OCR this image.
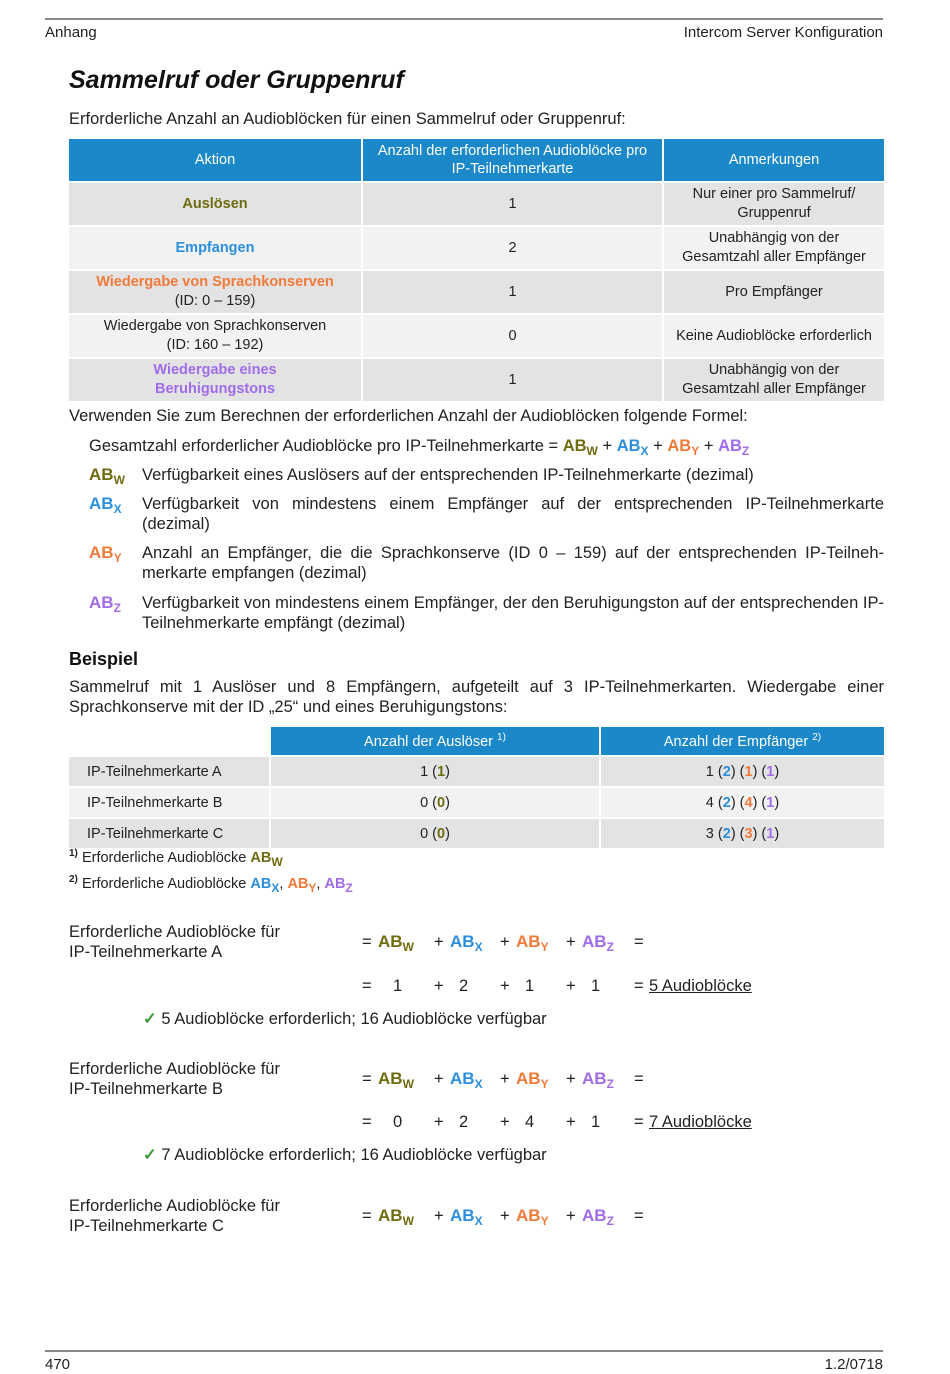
Anhang	Intercom Server Konfiguration
Sammelruf oder Gruppenruf
Erforderliche Anzahl an Audioblöcken für einen Sammelruf oder Gruppenruf:
Aktion	Anzahl der erforderlichen Audioblöcke pro IP-Teilnehmerkarte	Anmerkungen
Auslösen	1	Nur einer pro Sammelruf/ Gruppenruf
Empfangen	2	Unabhängig von der Gesamtzahl aller Empfänger
Wiedergabe von Sprachkonserven
(ID: 0 – 159)	1	Pro Empfänger
Wiedergabe von Sprachkonserven
(ID: 160 – 192)	0	Keine Audioblöcke erforderlich
Wiedergabe eines Beruhigungstons	1	Unabhängig von der Gesamtzahl aller Empfänger
Verwenden Sie zum Berechnen der erforderlichen Anzahl der Audioblöcken folgende Formel:
Gesamtzahl erforderlicher Audioblöcke pro IP-Teilnehmerkarte = $AB_W + AB_X + AB_Y + AB_Z$
$AB_W$ Verfügbarkeit eines Auslösers auf der entsprechenden IP-Teilnehmerkarte (dezimal)
$AB_X$ Verfügbarkeit von mindestens einem Empfänger auf der entsprechenden IP-Teilnehmerkarte (dezimal)
$AB_Y$ Anzahl an Empfänger, die die Sprachkonserve (ID 0 – 159) auf der entsprechenden IP-Teilneh-merkarte empfangen (dezimal)
$AB_Z$ Verfügbarkeit von mindestens einem Empfänger, der den Beruhigungston auf der entsprechenden IP-Teilnehmerkarte empfängt (dezimal)
Beispiel
Sammelruf mit 1 Auslöser und 8 Empfängern, aufgeteilt auf 3 IP-Teilnehmerkarten. Wiedergabe einer Sprachkonserve mit der ID „25“ und eines Beruhigungstons:
	Anzahl der Auslöser $^{1)}$	Anzahl der Empfänger $^{2)}$
IP-Teilnehmerkarte A	1 (1)	1 (2) (1) (1)
IP-Teilnehmerkarte B	0 (0)	4 (2) (4) (1)
IP-Teilnehmerkarte C	0 (0)	3 (2) (3) (1)
$^{1)}$ Erforderliche Audioblöcke $AB_W$
$^{2)}$ Erforderliche Audioblöcke $AB_X$, $AB_Y$, $AB_Z$
Erforderliche Audioblöcke für
IP-Teilnehmerkarte A
= $AB_W + AB_X + AB_Y + AB_Z$ =
= 1 + 2 + 1 + 1 = 5 Audioblöcke
✓ 5 Audioblöcke erforderlich; 16 Audioblöcke verfügbar
Erforderliche Audioblöcke für
IP-Teilnehmerkarte B
= $AB_W + AB_X + AB_Y + AB_Z$ =
= 0 + 2 + 4 + 1 = 7 Audioblöcke
✓ 7 Audioblöcke erforderlich; 16 Audioblöcke verfügbar
Erforderliche Audioblöcke für
IP-Teilnehmerkarte C
= $AB_W + AB_X + AB_Y + AB_Z$ =
470	1.2/0718
